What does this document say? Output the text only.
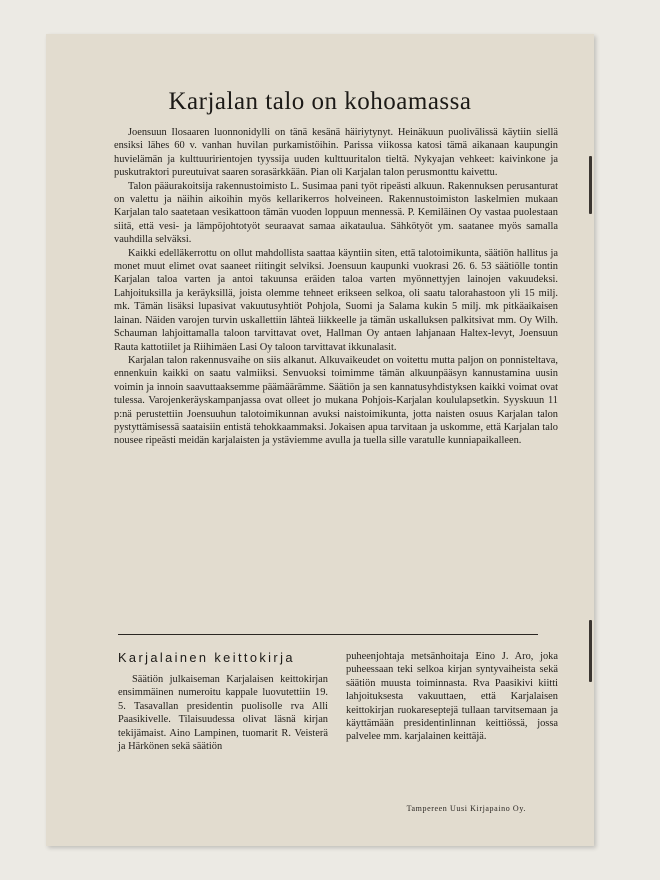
Karjalan talo on kohoamassa

Joensuun Ilosaaren luonnonidylli on tänä kesänä häiriytynyt. Heinäkuun puolivälissä käytiin siellä ensiksi lähes 60 v. vanhan huvilan purkamistöihin. Parissa viikossa katosi tämä aikanaan kaupungin huvielämän ja kulttuuririentojen tyyssija uuden kulttuuritalon tieltä. Nykyajan vehkeet: kaivinkone ja puskutraktori pureutuivat saaren sorasärkkään. Pian oli Karjalan talon perusmonttu kaivettu.

Talon pääurakoitsija rakennustoimisto L. Susimaa pani työt ripeästi alkuun. Rakennuksen perusanturat on valettu ja näihin aikoihin myös kellarikerros holveineen. Rakennustoimiston laskelmien mukaan Karjalan talo saatetaan vesikattoon tämän vuoden loppuun mennessä. P. Kemiläinen Oy vastaa puolestaan siitä, että vesi- ja lämpöjohtotyöt seuraavat samaa aikataulua. Sähkötyöt ym. saatanee myös samalla vauhdilla selväksi.

Kaikki edelläkerrottu on ollut mahdollista saattaa käyntiin siten, että talotoimikunta, säätiön hallitus ja monet muut elimet ovat saaneet riitingit selviksi. Joensuun kaupunki vuokrasi 26. 6. 53 säätiölle tontin Karjalan taloa varten ja antoi takuunsa eräiden taloa varten myönnettyjen lainojen vakuudeksi. Lahjoituksilla ja keräyksillä, joista olemme tehneet erikseen selkoa, oli saatu talorahastoon yli 15 milj. mk. Tämän lisäksi lupasivat vakuutusyhtiöt Pohjola, Suomi ja Salama kukin 5 milj. mk pitkäaikaisen lainan. Näiden varojen turvin uskallettiin lähteä liikkeelle ja tämän uskalluksen palkitsivat mm. Oy Wilh. Schauman lahjoittamalla taloon tarvittavat ovet, Hallman Oy antaen lahjanaan Haltex-levyt, Joensuun Rauta kattotiilet ja Riihimäen Lasi Oy taloon tarvittavat ikkunalasit.

Karjalan talon rakennusvaihe on siis alkanut. Alkuvaikeudet on voitettu mutta paljon on ponnisteltava, ennenkuin kaikki on saatu valmiiksi. Senvuoksi toimimme tämän alkuunpääsyn kannustamina uusin voimin ja innoin saavuttaaksemme päämäärämme. Säätiön ja sen kannatusyhdistyksen kaikki voimat ovat tulessa. Varojenkeräyskampanjassa ovat olleet jo mukana Pohjois-Karjalan koululapsetkin. Syyskuun 11 p:nä perustettiin Joensuuhun talotoimikunnan avuksi naistoimikunta, jotta naisten osuus Karjalan talon pystyttämisessä saataisiin entistä tehokkaammaksi. Jokaisen apua tarvitaan ja uskomme, että Karjalan talo nousee ripeästi meidän karjalaisten ja ystäviemme avulla ja tuella sille varatulle kunniapaikalleen.

Karjalainen keittokirja

Säätiön julkaiseman Karjalaisen keittokirjan ensimmäinen numeroitu kappale luovutettiin 19. 5. Tasavallan presidentin puolisolle rva Alli Paasikivelle. Tilaisuudessa olivat läsnä kirjan tekijämaist. Aino Lampinen, tuomarit R. Veisterä ja Härkönen sekä säätiön

puheenjohtaja metsänhoitaja Eino J. Aro, joka puheessaan teki selkoa kirjan syntyvaiheista sekä säätiön muusta toiminnasta. Rva Paasikivi kiitti lahjoituksesta vakuuttaen, että Karjalaisen keittokirjan ruokareseptejä tullaan tarvitsemaan ja käyttämään presidentinlinnan keittiössä, jossa palvelee mm. karjalainen keittäjä.

Tampereen Uusi Kirjapaino Oy.
